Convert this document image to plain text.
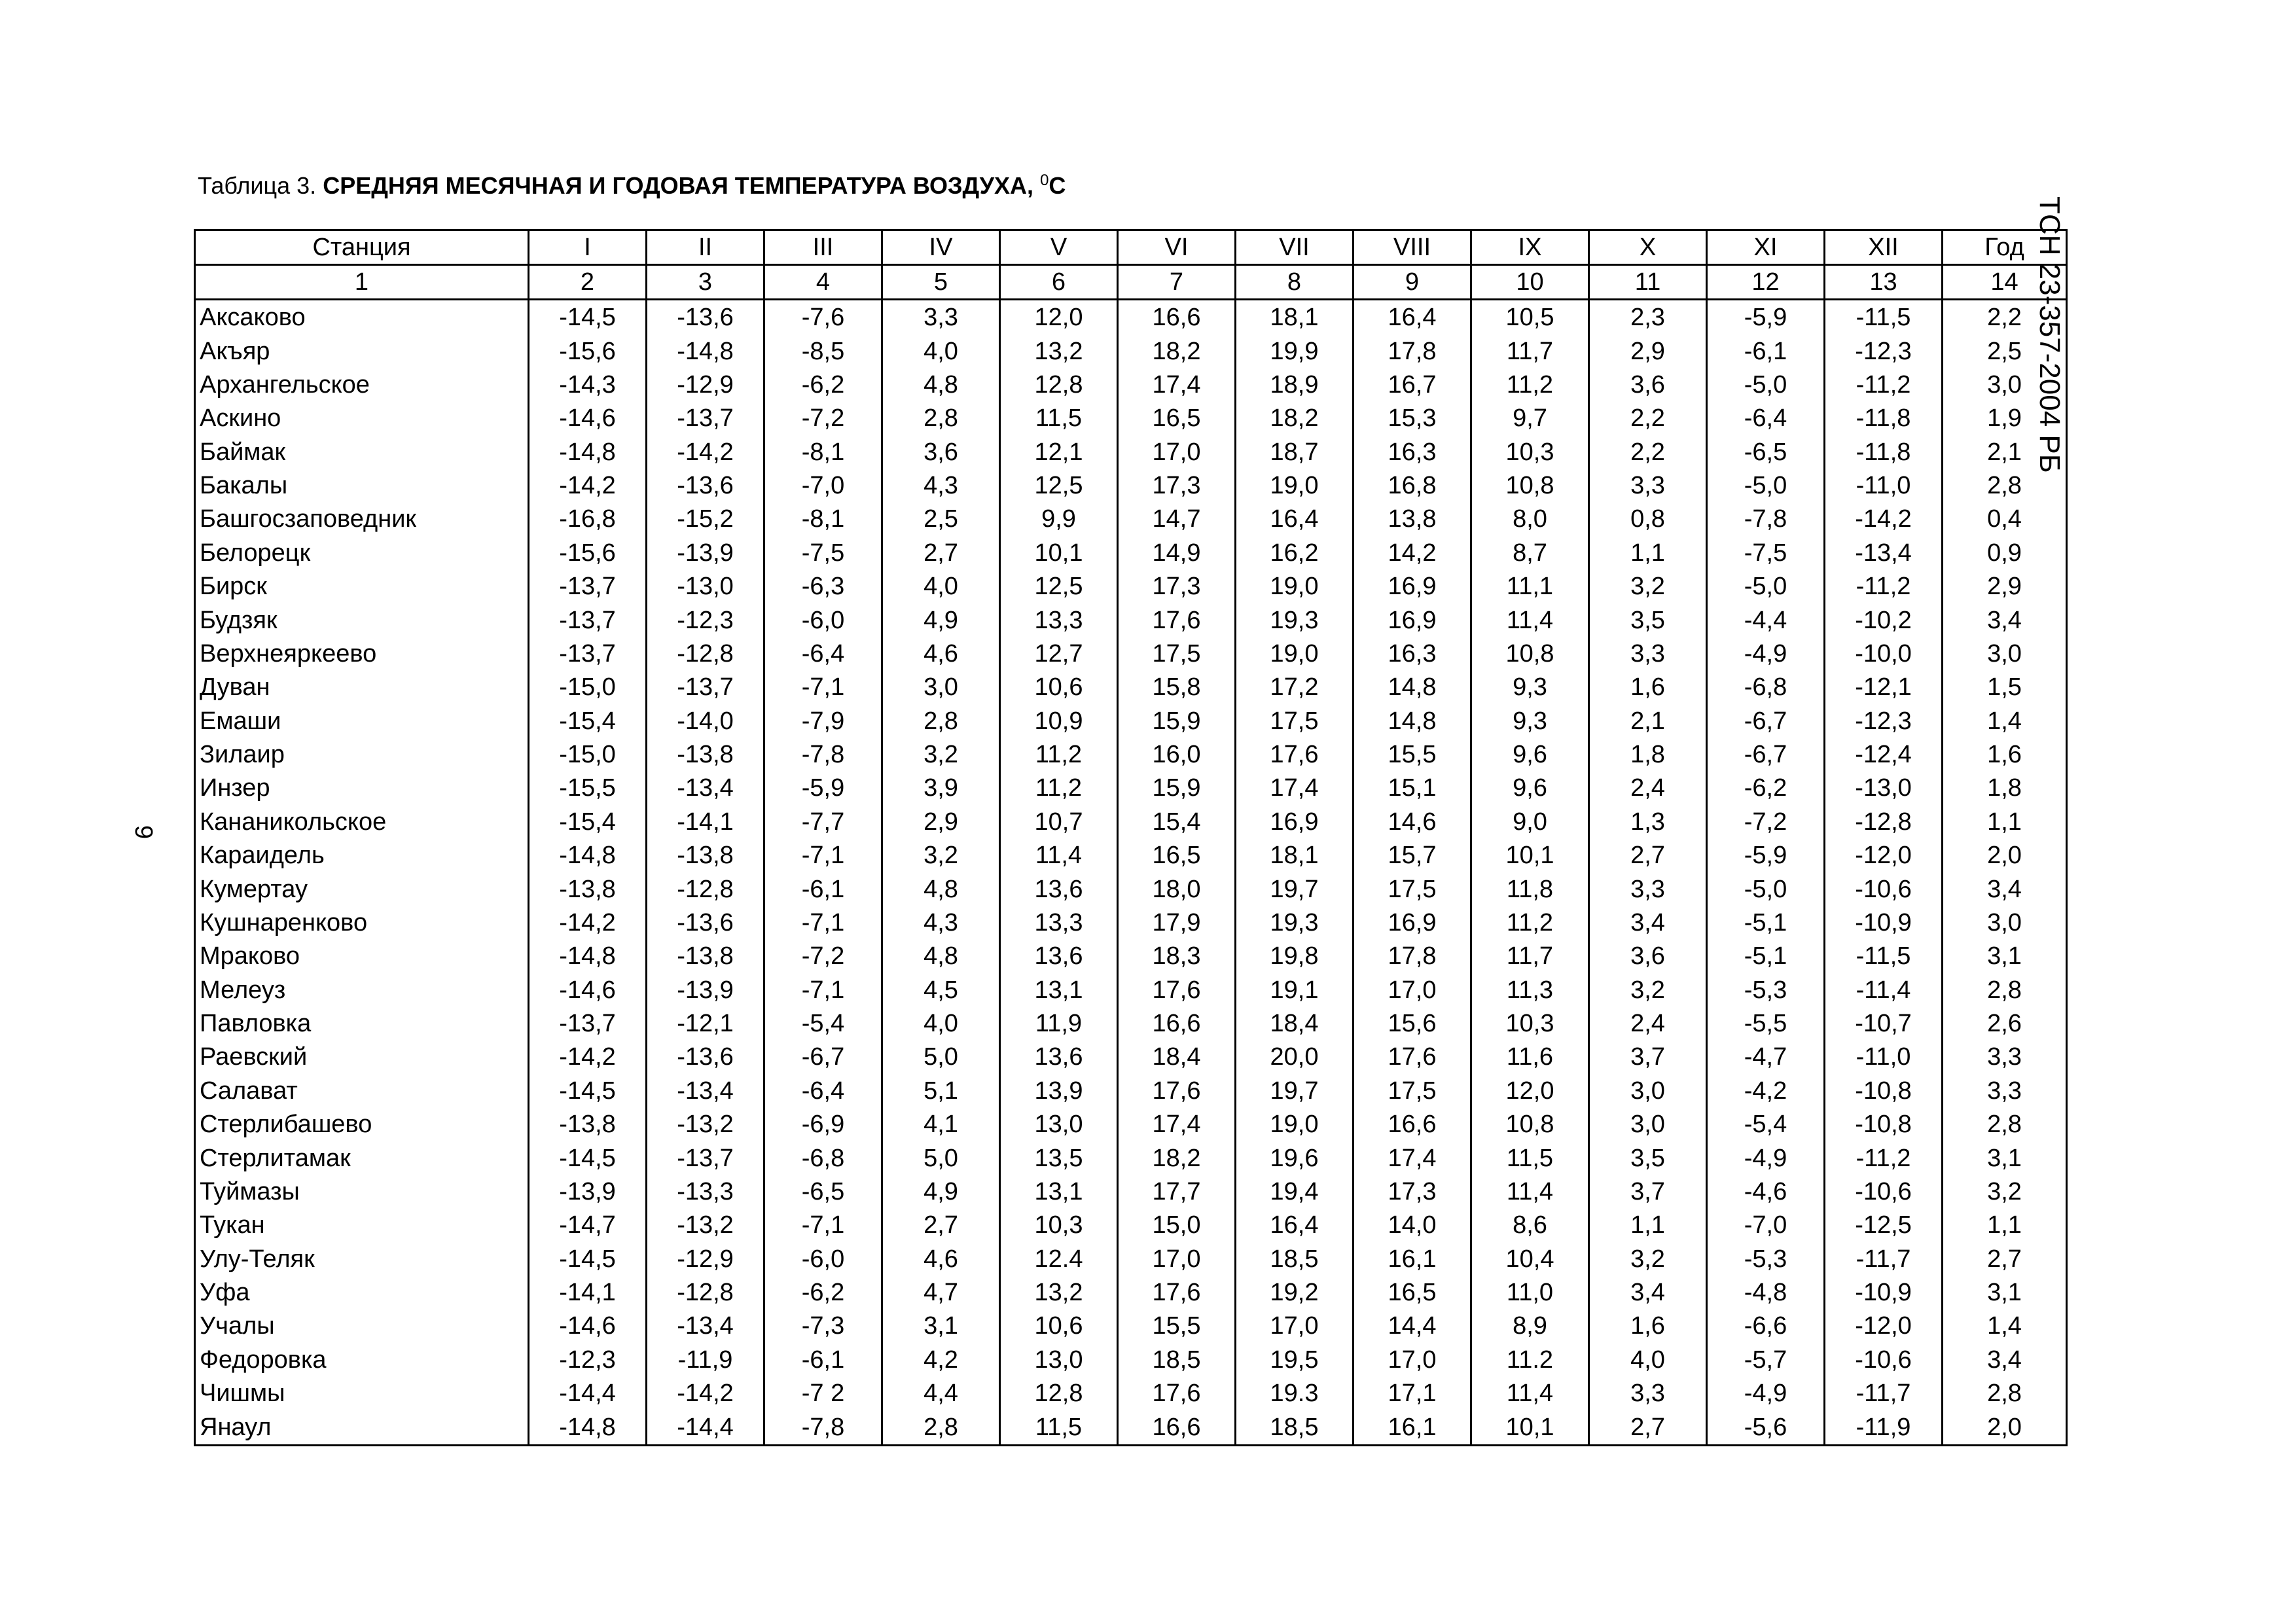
Таблица 3. СРЕДНЯЯ МЕСЯЧНАЯ И ГОДОВАЯ ТЕМПЕРАТУРА ВОЗДУХА, $^0$C
ТСН 23-357-2004 РБ
9
Станция	I	II	III	IV	V	VI	VII	VIII	IX	X	XI	XII	Год
1	2	3	4	5	6	7	8	9	10	11	12	13	14
Аксаково	-14,5	-13,6	-7,6	3,3	12,0	16,6	18,1	16,4	10,5	2,3	-5,9	-11,5	2,2
Акъяр	-15,6	-14,8	-8,5	4,0	13,2	18,2	19,9	17,8	11,7	2,9	-6,1	-12,3	2,5
Архангельское	-14,3	-12,9	-6,2	4,8	12,8	17,4	18,9	16,7	11,2	3,6	-5,0	-11,2	3,0
Аскино	-14,6	-13,7	-7,2	2,8	11,5	16,5	18,2	15,3	9,7	2,2	-6,4	-11,8	1,9
Баймак	-14,8	-14,2	-8,1	3,6	12,1	17,0	18,7	16,3	10,3	2,2	-6,5	-11,8	2,1
Бакалы	-14,2	-13,6	-7,0	4,3	12,5	17,3	19,0	16,8	10,8	3,3	-5,0	-11,0	2,8
Башгосзаповедник	-16,8	-15,2	-8,1	2,5	9,9	14,7	16,4	13,8	8,0	0,8	-7,8	-14,2	0,4
Белорецк	-15,6	-13,9	-7,5	2,7	10,1	14,9	16,2	14,2	8,7	1,1	-7,5	-13,4	0,9
Бирск	-13,7	-13,0	-6,3	4,0	12,5	17,3	19,0	16,9	11,1	3,2	-5,0	-11,2	2,9
Будзяк	-13,7	-12,3	-6,0	4,9	13,3	17,6	19,3	16,9	11,4	3,5	-4,4	-10,2	3,4
Верхнеяркеево	-13,7	-12,8	-6,4	4,6	12,7	17,5	19,0	16,3	10,8	3,3	-4,9	-10,0	3,0
Дуван	-15,0	-13,7	-7,1	3,0	10,6	15,8	17,2	14,8	9,3	1,6	-6,8	-12,1	1,5
Емаши	-15,4	-14,0	-7,9	2,8	10,9	15,9	17,5	14,8	9,3	2,1	-6,7	-12,3	1,4
Зилаир	-15,0	-13,8	-7,8	3,2	11,2	16,0	17,6	15,5	9,6	1,8	-6,7	-12,4	1,6
Инзер	-15,5	-13,4	-5,9	3,9	11,2	15,9	17,4	15,1	9,6	2,4	-6,2	-13,0	1,8
Кананикольское	-15,4	-14,1	-7,7	2,9	10,7	15,4	16,9	14,6	9,0	1,3	-7,2	-12,8	1,1
Караидель	-14,8	-13,8	-7,1	3,2	11,4	16,5	18,1	15,7	10,1	2,7	-5,9	-12,0	2,0
Кумертау	-13,8	-12,8	-6,1	4,8	13,6	18,0	19,7	17,5	11,8	3,3	-5,0	-10,6	3,4
Кушнаренково	-14,2	-13,6	-7,1	4,3	13,3	17,9	19,3	16,9	11,2	3,4	-5,1	-10,9	3,0
Мраково	-14,8	-13,8	-7,2	4,8	13,6	18,3	19,8	17,8	11,7	3,6	-5,1	-11,5	3,1
Мелеуз	-14,6	-13,9	-7,1	4,5	13,1	17,6	19,1	17,0	11,3	3,2	-5,3	-11,4	2,8
Павловка	-13,7	-12,1	-5,4	4,0	11,9	16,6	18,4	15,6	10,3	2,4	-5,5	-10,7	2,6
Раевский	-14,2	-13,6	-6,7	5,0	13,6	18,4	20,0	17,6	11,6	3,7	-4,7	-11,0	3,3
Салават	-14,5	-13,4	-6,4	5,1	13,9	17,6	19,7	17,5	12,0	3,0	-4,2	-10,8	3,3
Стерлибашево	-13,8	-13,2	-6,9	4,1	13,0	17,4	19,0	16,6	10,8	3,0	-5,4	-10,8	2,8
Стерлитамак	-14,5	-13,7	-6,8	5,0	13,5	18,2	19,6	17,4	11,5	3,5	-4,9	-11,2	3,1
Туймазы	-13,9	-13,3	-6,5	4,9	13,1	17,7	19,4	17,3	11,4	3,7	-4,6	-10,6	3,2
Тукан	-14,7	-13,2	-7,1	2,7	10,3	15,0	16,4	14,0	8,6	1,1	-7,0	-12,5	1,1
Улу-Теляк	-14,5	-12,9	-6,0	4,6	12.4	17,0	18,5	16,1	10,4	3,2	-5,3	-11,7	2,7
Уфа	-14,1	-12,8	-6,2	4,7	13,2	17,6	19,2	16,5	11,0	3,4	-4,8	-10,9	3,1
Учалы	-14,6	-13,4	-7,3	3,1	10,6	15,5	17,0	14,4	8,9	1,6	-6,6	-12,0	1,4
Федоровка	-12,3	-11,9	-6,1	4,2	13,0	18,5	19,5	17,0	11.2	4,0	-5,7	-10,6	3,4
Чишмы	-14,4	-14,2	-7 2	4,4	12,8	17,6	19.3	17,1	11,4	3,3	-4,9	-11,7	2,8
Янаул	-14,8	-14,4	-7,8	2,8	11,5	16,6	18,5	16,1	10,1	2,7	-5,6	-11,9	2,0
